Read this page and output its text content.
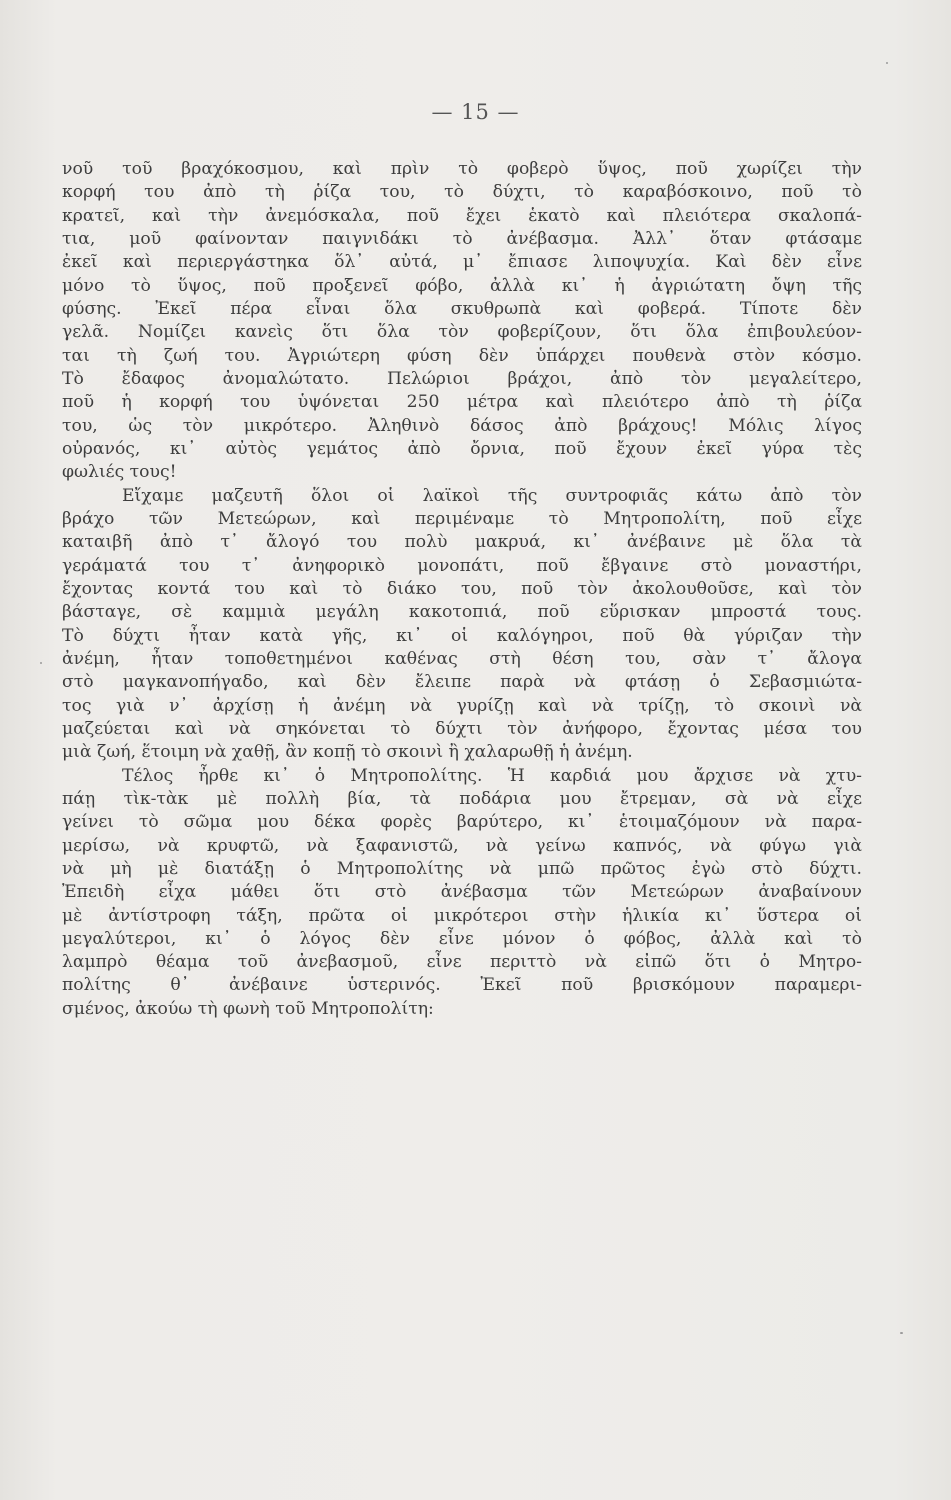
— 15 —
νοῦ τοῦ βραχόκοσμου, καὶ πρὶν τὸ φοβερὸ ὕψος, ποῦ χωρίζει τὴν
κορφή του ἀπὸ τὴ ῥίζα του, τὸ δύχτι, τὸ καραβόσκοινο, ποῦ τὸ
κρατεῖ, καὶ τὴν ἀνεμόσκαλα, ποῦ ἔχει ἑκατὸ καὶ πλειότερα σκαλοπά-
τια, μοῦ φαίνονταν παιγνιδάκι τὸ ἀνέβασμα. Ἀλλ᾽ ὅταν φτάσαμε
ἐκεῖ καὶ περιεργάστηκα ὅλ᾽ αὐτά, μ᾽ ἔπιασε λιποψυχία. Καὶ δὲν εἶνε
μόνο τὸ ὕψος, ποῦ προξενεῖ φόβο, ἀλλὰ κι᾽ ἡ ἀγριώτατη ὄψη τῆς
φύσης. Ἐκεῖ πέρα εἶναι ὅλα σκυθρωπὰ καὶ φοβερά. Τίποτε δὲν
γελᾶ. Νομίζει κανεὶς ὅτι ὅλα τὸν φοβερίζουν, ὅτι ὅλα ἐπιβουλεύον-
ται τὴ ζωή του. Ἀγριώτερη φύση δὲν ὑπάρχει πουθενὰ στὸν κόσμο.
Τὸ ἔδαφος ἀνομαλώτατο. Πελώριοι βράχοι, ἀπὸ τὸν μεγαλείτερο,
ποῦ ἡ κορφή του ὑψόνεται 250 μέτρα καὶ πλειότερο ἀπὸ τὴ ῥίζα
του, ὡς τὸν μικρότερο. Ἀληθινὸ δάσος ἀπὸ βράχους! Μόλις λίγος
οὐρανός, κι᾽ αὐτὸς γεμάτος ἀπὸ ὄρνια, ποῦ ἔχουν ἐκεῖ γύρα τὲς
φωλιές τους!
Εἴχαμε μαζευτῆ ὅλοι οἱ λαϊκοὶ τῆς συντροφιᾶς κάτω ἀπὸ τὸν
βράχο τῶν Μετεώρων, καὶ περιμέναμε τὸ Μητροπολίτη, ποῦ εἶχε
καταιβῆ ἀπὸ τ᾽ ἄλογό του πολὺ μακρυά, κι᾽ ἀνέβαινε μὲ ὅλα τὰ
γεράματά του τ᾽ ἀνηφορικὸ μονοπάτι, ποῦ ἔβγαινε στὸ μοναστήρι,
ἔχοντας κοντά του καὶ τὸ διάκο του, ποῦ τὸν ἀκολουθοῦσε, καὶ τὸν
βάσταγε, σὲ καμμιὰ μεγάλη κακοτοπιά, ποῦ εὕρισκαν μπροστά τους.
Τὸ δύχτι ἦταν κατὰ γῆς, κι᾽ οἱ καλόγηροι, ποῦ θὰ γύριζαν τὴν
ἀνέμη, ἦταν τοποθετημένοι καθένας στὴ θέση του, σὰν τ᾽ ἄλογα
στὸ μαγκανοπήγαδο, καὶ δὲν ἔλειπε παρὰ νὰ φτάσῃ ὁ Σεβασμιώτα-
τος γιὰ ν᾽ ἀρχίσῃ ἡ ἀνέμη νὰ γυρίζῃ καὶ νὰ τρίζῃ, τὸ σκοινὶ νὰ
μαζεύεται καὶ νὰ σηκόνεται τὸ δύχτι τὸν ἀνήφορο, ἔχοντας μέσα του
μιὰ ζωή, ἕτοιμη νὰ χαθῇ, ἂν κοπῇ τὸ σκοινὶ ἢ χαλαρωθῇ ἡ ἀνέμη.
Τέλος ἦρθε κι᾽ ὁ Μητροπολίτης. Ἡ καρδιά μου ἄρχισε νὰ χτυ-
πάῃ τὶκ-τὰκ μὲ πολλὴ βία, τὰ ποδάρια μου ἔτρεμαν, σὰ νὰ εἶχε
γείνει τὸ σῶμα μου δέκα φορὲς βαρύτερο, κι᾽ ἑτοιμαζόμουν νὰ παρα-
μερίσω, νὰ κρυφτῶ, νὰ ξαφανιστῶ, νὰ γείνω καπνός, νὰ φύγω γιὰ
νὰ μὴ μὲ διατάξῃ ὁ Μητροπολίτης νὰ μπῶ πρῶτος ἐγὼ στὸ δύχτι.
Ἐπειδὴ εἶχα μάθει ὅτι στὸ ἀνέβασμα τῶν Μετεώρων ἀναβαίνουν
μὲ ἀντίστροφη τάξη, πρῶτα οἱ μικρότεροι στὴν ἡλικία κι᾽ ὕστερα οἱ
μεγαλύτεροι, κι᾽ ὁ λόγος δὲν εἶνε μόνον ὁ φόβος, ἀλλὰ καὶ τὸ
λαμπρὸ θέαμα τοῦ ἀνεβασμοῦ, εἶνε περιττὸ νὰ εἰπῶ ὅτι ὁ Μητρο-
πολίτης θ᾽ ἀνέβαινε ὑστερινός. Ἐκεῖ ποῦ βρισκόμουν παραμερι-
σμένος, ἀκούω τὴ φωνὴ τοῦ Μητροπολίτη:
